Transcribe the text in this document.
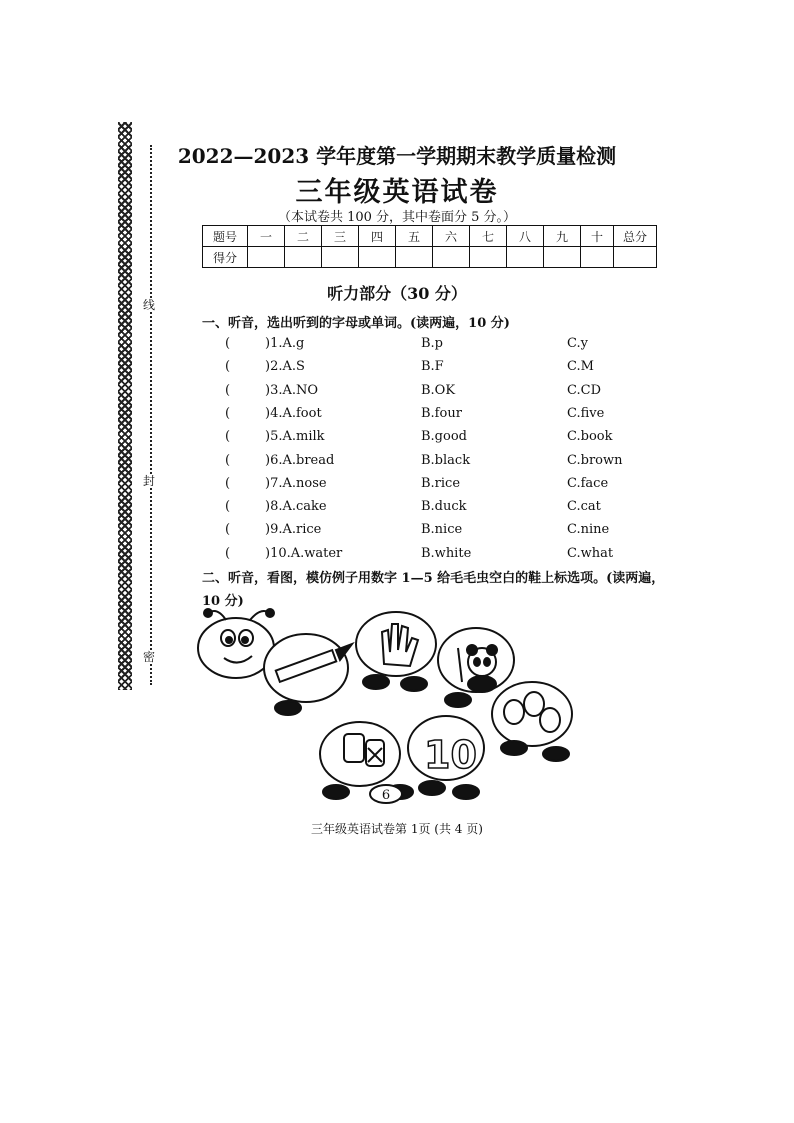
线
封
密
2022—2023 学年度第一学期期末教学质量检测
三年级英语试卷
（本试卷共 100 分，其中卷面分 5 分。）
题号	一	二	三	四	五	六	七	八	九	十	总分
得分											
听力部分（30 分）
一、听音，选出听到的字母或单词。(读两遍，10 分)
(	)1.A.g	B.p	C.y
(	)2.A.S	B.F	C.M
(	)3.A.NO	B.OK	C.CD
(	)4.A.foot	B.four	C.five
(	)5.A.milk	B.good	C.book
(	)6.A.bread	B.black	C.brown
(	)7.A.nose	B.rice	C.face
(	)8.A.cake	B.duck	C.cat
(	)9.A.rice	B.nice	C.nine
(	)10.A.water	B.white	C.what
二、听音，看图，模仿例子用数字 1—5 给毛毛虫空白的鞋上标选项。(读两遍，
10 分)
10
6
三年级英语试卷第 1页 (共 4 页)
